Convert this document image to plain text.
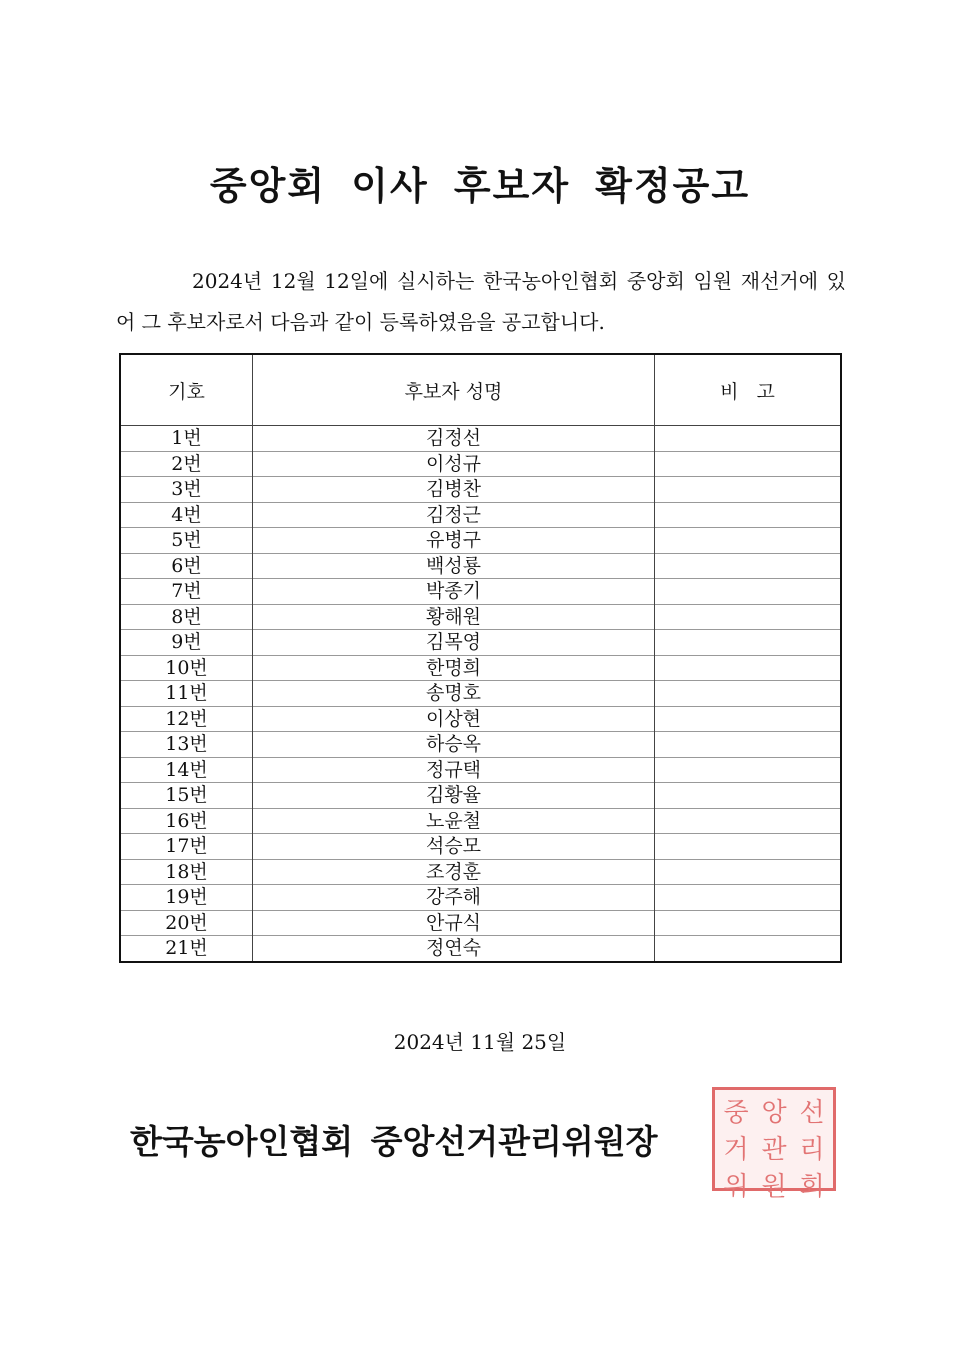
중앙회 이사 후보자 확정공고
2024년 12월 12일에 실시하는 한국농아인협회 중앙회 임원 재선거에 있어 그 후보자로서 다음과 같이 등록하였음을 공고합니다.
기호	후보자 성명	비   고
1번	김정선	
2번	이성규	
3번	김병찬	
4번	김정근	
5번	유병구	
6번	백성룡	
7번	박종기	
8번	황해원	
9번	김목영	
10번	한명희	
11번	송명호	
12번	이상현	
13번	하승옥	
14번	정규택	
15번	김황율	
16번	노윤철	
17번	석승모	
18번	조경훈	
19번	강주해	
20번	안규식	
21번	정연숙	
2024년 11월 25일
한국농아인협회 중앙선거관리위원장
중 앙 선
거 관 리
위 원 회
